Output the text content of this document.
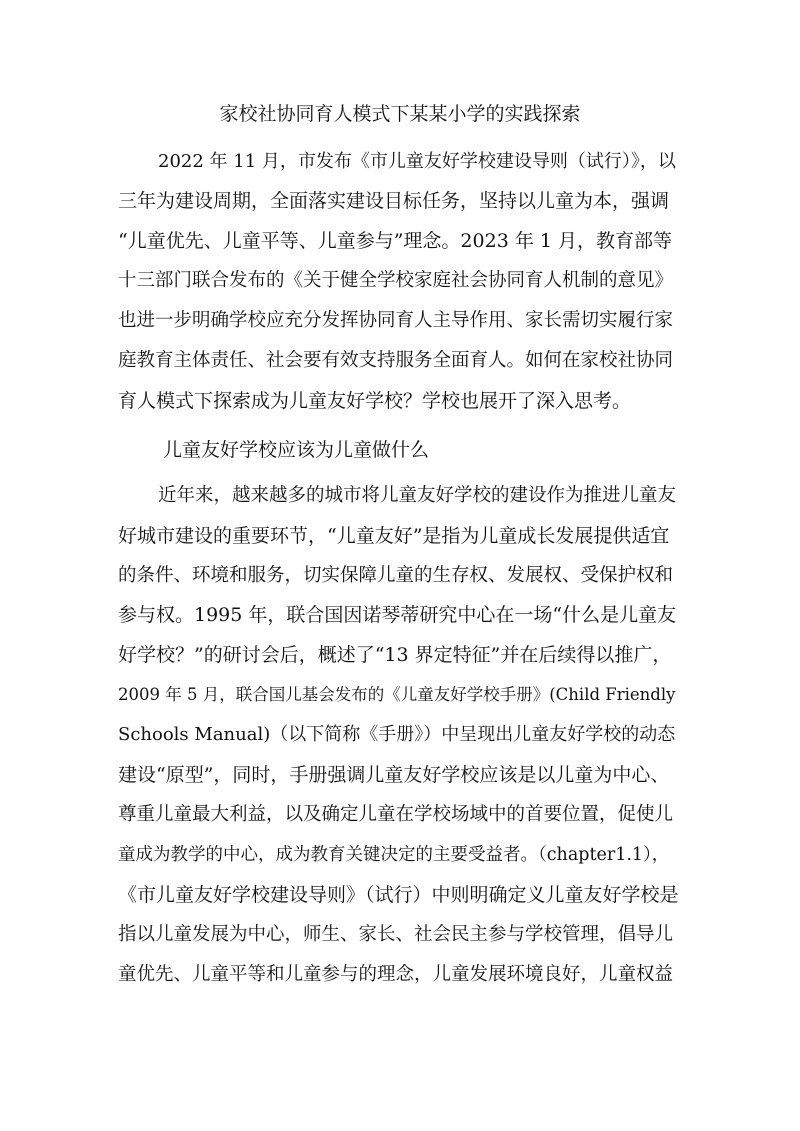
家校社协同育人模式下某某小学的实践探索
2022 年 11 月，市发布《市儿童友好学校建设导则（试行）》，以
三年为建设周期，全面落实建设目标任务，坚持以儿童为本，强调
“儿童优先、儿童平等、儿童参与”理念。2023 年 1 月，教育部等
十三部门联合发布的《关于健全学校家庭社会协同育人机制的意见》
也进一步明确学校应充分发挥协同育人主导作用、家长需切实履行家
庭教育主体责任、社会要有效支持服务全面育人。如何在家校社协同
育人模式下探索成为儿童友好学校？学校也展开了深入思考。
儿童友好学校应该为儿童做什么
近年来，越来越多的城市将儿童友好学校的建设作为推进儿童友
好城市建设的重要环节，“儿童友好”是指为儿童成长发展提供适宜
的条件、环境和服务，切实保障儿童的生存权、发展权、受保护权和
参与权。1995 年，联合国因诺琴蒂研究中心在一场“什么是儿童友
好学校？”的研讨会后，概述了“13 界定特征”并在后续得以推广，
2009 年 5 月，联合国儿基会发布的《儿童友好学校手册》(Child Friendly
Schools Manual)（以下简称《手册》）中呈现出儿童友好学校的动态
建设“原型”，同时，手册强调儿童友好学校应该是以儿童为中心、
尊重儿童最大利益，以及确定儿童在学校场域中的首要位置，促使儿
童成为教学的中心，成为教育关键决定的主要受益者。（chapter1.1），
《市儿童友好学校建设导则》（试行）中则明确定义儿童友好学校是
指以儿童发展为中心，师生、家长、社会民主参与学校管理，倡导儿
童优先、儿童平等和儿童参与的理念，儿童发展环境良好，儿童权益
